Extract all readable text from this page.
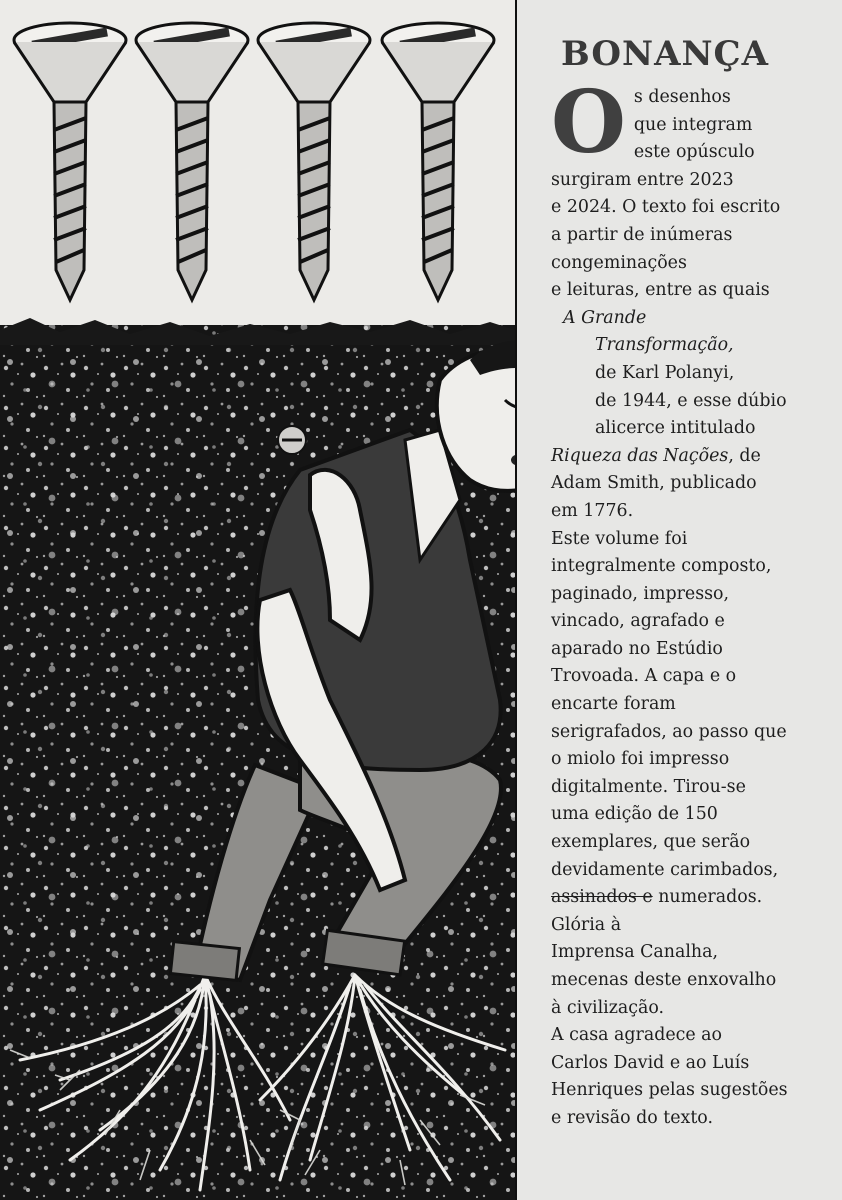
BONANÇA
O s desenhos
que integram
este opúsculo
surgiram entre 2023
e 2024. O texto foi escrito
a partir de inúmeras
congeminações
e leituras, entre as quais
A Grande
Transformação,
de Karl Polanyi,
de 1944, e esse dúbio
alicerce intitulado
Riqueza das Nações, de
Adam Smith, publicado
em 1776.
Este volume foi
integralmente composto,
paginado, impresso,
vincado, agrafado e
aparado no Estúdio
Trovoada. A capa e o
encarte foram
serigrafados, ao passo que
o miolo foi impresso
digitalmente. Tirou-se
uma edição de 150
exemplares, que serão
devidamente carimbados,
assinados e numerados.
Glória à
Imprensa Canalha,
mecenas deste enxovalho
à civilização.
A casa agradece ao
Carlos David e ao Luís
Henriques pelas sugestões
e revisão do texto.
